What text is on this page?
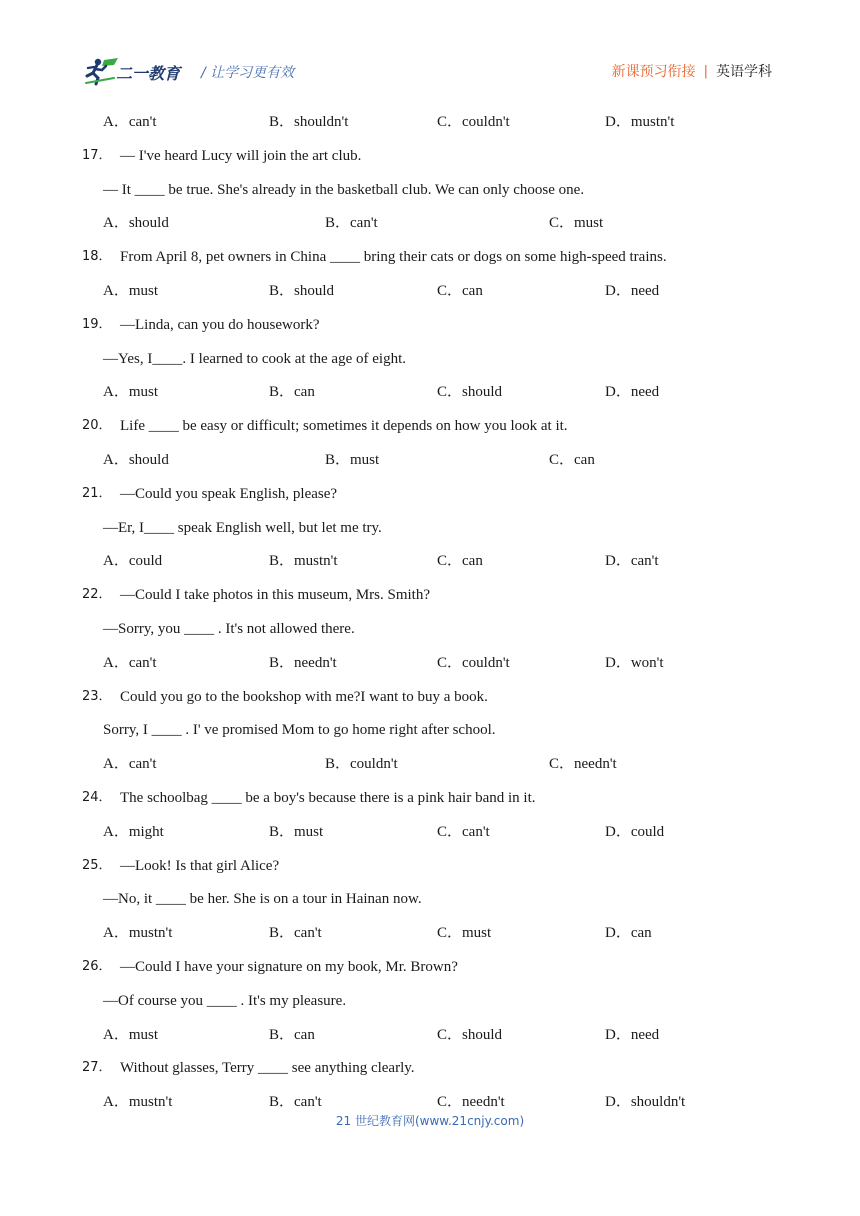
二一教育 / 让学习更有效	新课预习衔接 | 英语学科
A．can't	B．shouldn't	C．couldn't	D．mustn't
17． — I've heard Lucy will join the art club.
— It ____ be true. She's already in the basketball club. We can only choose one.
A．should	B．can't	C．must
18． From April 8, pet owners in China ____ bring their cats or dogs on some high-speed trains.
A．must	B．should	C．can	D．need
19． —Linda, can you do housework?
—Yes, I____. I learned to cook at the age of eight.
A．must	B．can	C．should	D．need
20． Life ____ be easy or difficult; sometimes it depends on how you look at it.
A．should	B．must	C．can
21． —Could you speak English, please?
—Er, I____ speak English well, but let me try.
A．could	B．mustn't	C．can	D．can't
22． —Could I take photos in this museum, Mrs. Smith?
—Sorry, you ____ . It's not allowed there.
A．can't	B．needn't	C．couldn't	D．won't
23． Could you go to the bookshop with me?I want to buy a book.
Sorry, I ____ . I' ve promised Mom to go home right after school.
A．can't	B．couldn't	C．needn't
24． The schoolbag ____ be a boy's because there is a pink hair band in it.
A．might	B．must	C．can't	D．could
25． —Look! Is that girl Alice?
—No, it ____ be her. She is on a tour in Hainan now.
A．mustn't	B．can't	C．must	D．can
26． —Could I have your signature on my book, Mr. Brown?
—Of course you ____ . It's my pleasure.
A．must	B．can	C．should	D．need
27． Without glasses, Terry ____ see anything clearly.
A．mustn't	B．can't	C．needn't	D．shouldn't
21 世纪教育网(www.21cnjy.com)
